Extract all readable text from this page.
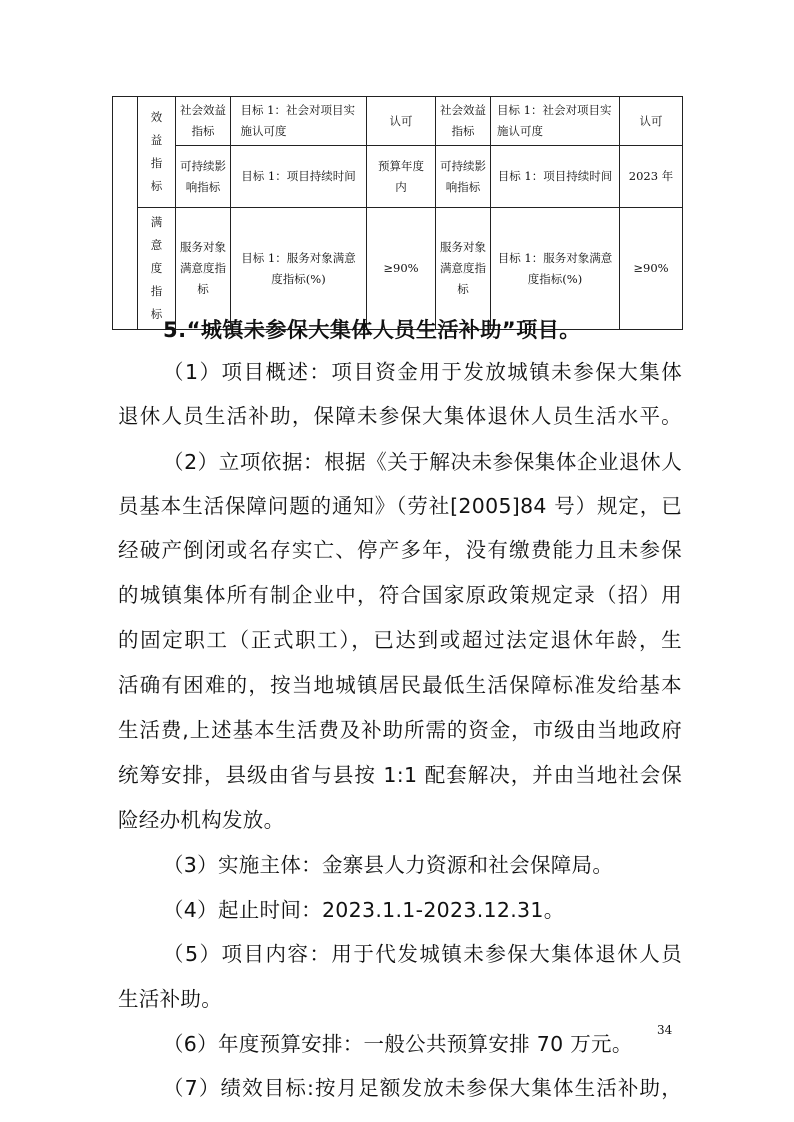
	效益指标	社会效益指标	目标 1：社会对项目实施认可度	认可	社会效益指标	目标 1：社会对项目实施认可度	认可
		可持续影响指标	目标 1：项目持续时间	预算年度内	可持续影响指标	目标 1：项目持续时间	2023 年
	满意度指标	服务对象满意度指标	目标 1：服务对象满意度指标(%)	≥90%	服务对象满意度指标	目标 1：服务对象满意度指标(%)	≥90%
5.“城镇未参保大集体人员生活补助”项目。
（1）项目概述：项目资金用于发放城镇未参保大集体
退休人员生活补助，保障未参保大集体退休人员生活水平。
（2）立项依据：根据《关于解决未参保集体企业退休人
员基本生活保障问题的通知》（劳社[2005]84 号）规定，已
经破产倒闭或名存实亡、停产多年，没有缴费能力且未参保
的城镇集体所有制企业中，符合国家原政策规定录（招）用
的固定职工（正式职工），已达到或超过法定退休年龄，生
活确有困难的，按当地城镇居民最低生活保障标准发给基本
生活费,上述基本生活费及补助所需的资金，市级由当地政府
统筹安排，县级由省与县按 1:1 配套解决，并由当地社会保
险经办机构发放。
（3）实施主体：金寨县人力资源和社会保障局。
（4）起止时间：2023.1.1-2023.12.31。
（5）项目内容：用于代发城镇未参保大集体退休人员
生活补助。
（6）年度预算安排：一般公共预算安排 70 万元。
（7）绩效目标:按月足额发放未参保大集体生活补助，
34
